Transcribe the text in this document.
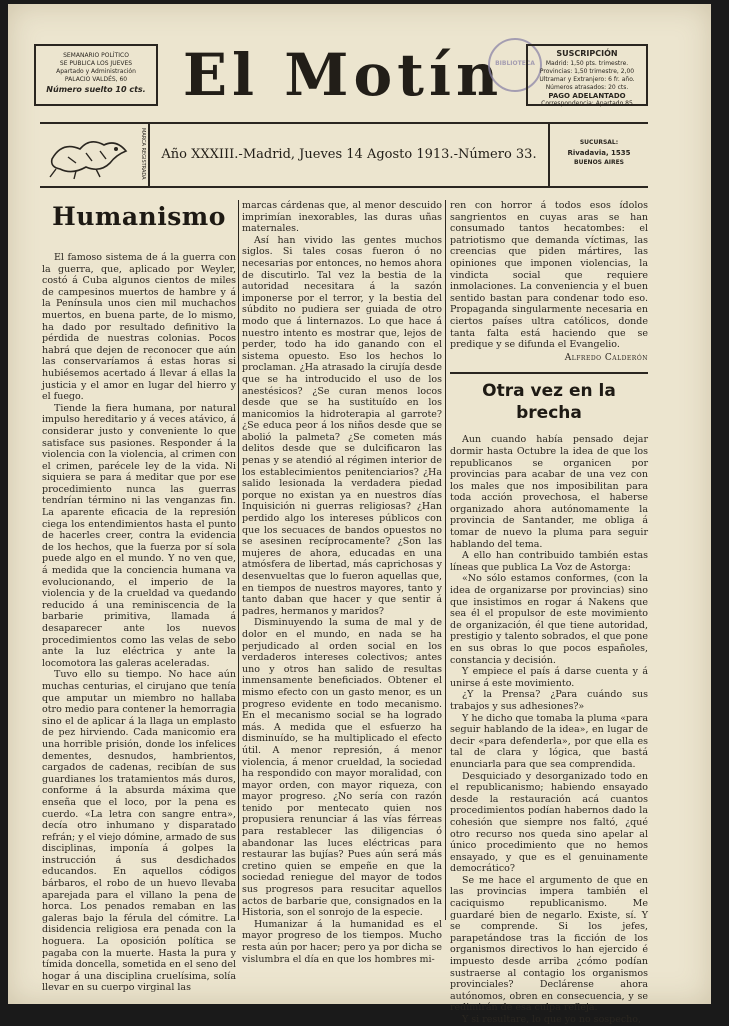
SEMANARIO POLÍTICO
SE PUBLICA LOS JUEVES
Apartado y Administración
PALACIO VALDÉS, 60
Número suelto 10 cts. El Motín
BIBLIOTECA
SUSCRIPCIÓN
Madrid: 1,50 pts. trimestre.
Provincias: 1,50 trimestre, 2,00
Ultramar y Extranjero: 6 fr. año.
Números atrasados: 20 cts.
PAGO ADELANTADO
Correspondencia: Apartado 85
MARCA REGISTRADA	Año XXXIII.-Madrid, Jueves 14 Agosto 1913.-Número 33.
SUCURSAL:
Rivadavia, 1535
BUENOS AIRES
Humanismo

El famoso sistema de á la guerra con la guerra, que, aplicado por Weyler, costó á Cuba algunos cientos de miles de campesinos muertos de hambre y á la Península unos cien mil muchachos muertos, en buena parte, de lo mismo, ha dado por resultado definitivo la pérdida de nuestras colonias. Pocos habrá que dejen de reconocer que aún las conservaríamos á estas horas si hubiésemos acertado á llevar á ellas la justicia y el amor en lugar del hierro y el fuego.

Tiende la fiera humana, por natural impulso hereditario y á veces atávico, á considerar justo y conveniente lo que satisface sus pasiones. Responder á la violencia con la violencia, al crimen con el crimen, parécele ley de la vida. Ni siquiera se para á meditar que por ese procedimiento nunca las guerras tendrían término ni las venganzas fin. La aparente eficacia de la represión ciega los entendimientos hasta el punto de hacerles creer, contra la evidencia de los hechos, que la fuerza por sí sola puede algo en el mundo. Y no ven que, á medida que la conciencia humana va evolucionando, el imperio de la violencia y de la crueldad va quedando reducido á una reminiscencia de la barbarie primitiva, llamada á desaparecer ante los nuevos procedimientos como las velas de sebo ante la luz eléctrica y ante la locomotora las galeras aceleradas.

Tuvo ello su tiempo. No hace aún muchas centurias, el cirujano que tenía que amputar un miembro no hallaba otro medio para contener la hemorragia sino el de aplicar á la llaga un emplasto de pez hirviendo. Cada manicomio era una horrible prisión, donde los infelices dementes, desnudos, hambrientos, cargados de cadenas, recibían de sus guardianes los tratamientos más duros, conforme á la absurda máxima que enseña que el loco, por la pena es cuerdo. «La letra con sangre entra», decía otro inhumano y disparatado refrán; y el viejo dómine, armado de sus disciplinas, imponía á golpes la instrucción á sus desdichados educandos. En aquellos códigos bárbaros, el robo de un huevo llevaba aparejada para el villano la pena de horca. Los penados remaban en las galeras bajo la férula del cómitre. La disidencia religiosa era penada con la hoguera. La oposición política se pagaba con la muerte. Hasta la pura y tímida doncella, sometida en el seno del hogar á una disciplina cruelísima, solía llevar en su cuerpo virginal las

marcas cárdenas que, al menor descuido imprimían inexorables, las duras uñas maternales.

Así han vivido las gentes muchos siglos. Si tales cosas fueron ó no necesarias por entonces, no hemos ahora de discutirlo. Tal vez la bestia de la autoridad necesitara á la sazón imponerse por el terror, y la bestia del súbdito no pudiera ser guiada de otro modo que á linternazos. Lo que hace á nuestro intento es mostrar que, lejos de perder, todo ha ido ganando con el sistema opuesto. Eso los hechos lo proclaman. ¿Ha atrasado la cirujía desde que se ha introducido el uso de los anestésicos? ¿Se curan menos locos desde que se ha sustituído en los manicomios la hidroterapia al garrote? ¿Se educa peor á los niños desde que se abolió la palmeta? ¿Se cometen más delitos desde que se dulcificaron las penas y se atendió al régimen interior de los establecimientos penitenciarios? ¿Ha salido lesionada la verdadera piedad porque no existan ya en nuestros días Inquisición ni guerras religiosas? ¿Han perdido algo los intereses públicos con que los secuaces de bandos opuestos no se asesinen recíprocamente? ¿Son las mujeres de ahora, educadas en una atmósfera de libertad, más caprichosas y desenvueltas que lo fueron aquellas que, en tiempos de nuestros mayores, tanto y tanto daban que hacer y que sentir á padres, hermanos y maridos?

Disminuyendo la suma de mal y de dolor en el mundo, en nada se ha perjudicado al orden social en los verdaderos intereses colectivos; antes uno y otros han salido de resultas inmensamente beneficiados. Obtener el mismo efecto con un gasto menor, es un progreso evidente en todo mecanismo. En el mecanismo social se ha logrado más. A medida que el esfuerzo ha disminuído, se ha multiplicado el efecto útil. A menor represión, á menor violencia, á menor crueldad, la sociedad ha respondido con mayor moralidad, con mayor orden, con mayor riqueza, con mayor progreso. ¿No sería con razón tenido por mentecato quien nos propusiera renunciar á las vías férreas para restablecer las diligencias ó abandonar las luces eléctricas para restaurar las bujías? Pues aún será más cretino quien se empeñe en que la sociedad reniegue del mayor de todos sus progresos para resucitar aquellos actos de barbarie que, consignados en la Historia, son el sonrojo de la especie.

Humanizar á la humanidad es el mayor progreso de los tiempos. Mucho resta aún por hacer; pero ya por dicha se vislumbra el día en que los hombres mi-

ren con horror á todos esos ídolos sangrientos en cuyas aras se han consumado tantos hecatombes: el patriotismo que demanda víctimas, las creencias que piden mártires, las opiniones que imponen violencias, la vindicta social que requiere inmolaciones. La conveniencia y el buen sentido bastan para condenar todo eso. Propaganda singularmente necesaria en ciertos países ultra católicos, donde tanta falta está haciendo que se predique y se difunda el Evangelio.

Alfredo Calderón
Otra vez en la brecha

Aun cuando había pensado dejar dormir hasta Octubre la idea de que los republicanos se organicen por provincias para acabar de una vez con los males que nos imposibilitan para toda acción provechosa, el haberse organizado ahora autónomamente la provincia de Santander, me obliga á tomar de nuevo la pluma para seguir hablando del tema.

A ello han contribuido también estas líneas que publica La Voz de Astorga:

«No sólo estamos conformes, (con la idea de organizarse por provincias) sino que insistimos en rogar á Nakens que sea él el propulsor de este movimiento de organización, él que tiene autoridad, prestigio y talento sobrados, el que pone en sus obras lo que pocos españoles, constancia y decisión.

Y empiece el país á darse cuenta y á unirse á este movimiento.

¿Y la Prensa? ¿Para cuándo sus trabajos y sus adhesiones?»

Y he dicho que tomaba la pluma «para seguir hablando de la idea», en lugar de decir «para defenderla», por que ella es tal de clara y lógica, que bastá enunciarla para que sea comprendida.

Desquiciado y desorganizado todo en el republicanismo; habiendo ensayado desde la restauración acá cuantos procedimientos podían habernos dado la cohesión que siempre nos faltó, ¿qué otro recurso nos queda sino apelar al único procedimiento que no hemos ensayado, y que es el genuinamente democrático?

Se me hace el argumento de que en las provincias impera también el caciquismo republicanismo. Me guardaré bien de negarlo. Existe, sí. Y se comprende. Si los jefes, parapetándose tras la ficción de los organismos directivos lo han ejercido é impuesto desde arriba ¿cómo podían sustraerse al contagio los organismos provinciales? Declárense ahora autónomos, obren en consecuencia, y se redimirán de esa culpa refleja.

Y si resultare, lo que yo no sospecho,
